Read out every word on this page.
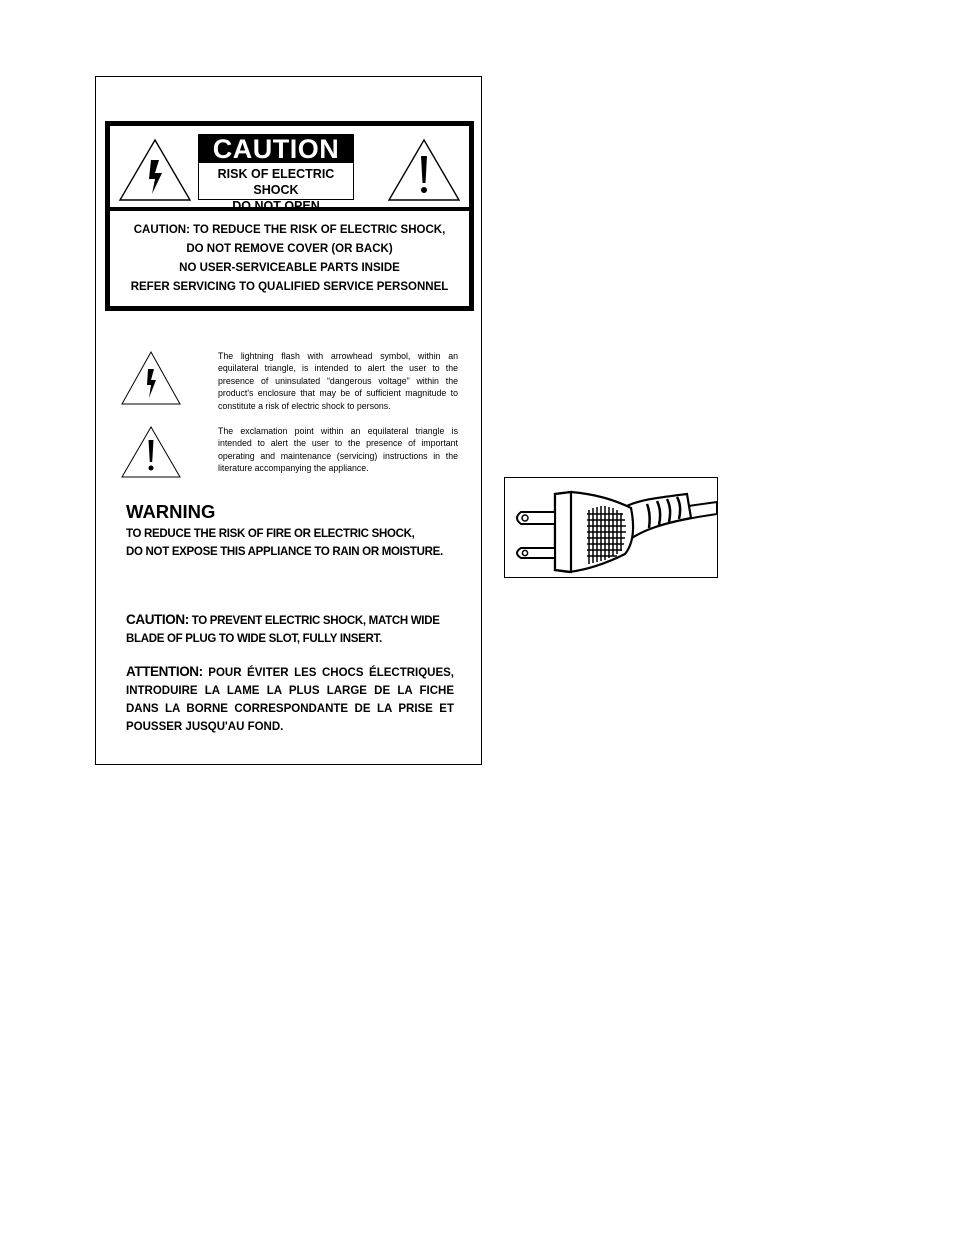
CAUTION
RISK OF ELECTRIC SHOCK
DO NOT OPEN
CAUTION: TO REDUCE THE RISK OF ELECTRIC SHOCK,
DO NOT REMOVE COVER (OR BACK)
NO USER-SERVICEABLE PARTS INSIDE
REFER SERVICING TO QUALIFIED SERVICE PERSONNEL
The lightning flash with arrowhead symbol, within an equilateral triangle, is intended to alert the user to the presence of uninsulated “dangerous voltage” within the product's enclosure that may be of sufficient magnitude to constitute a risk of electric shock to persons.
The exclamation point within an equilateral triangle is intended to alert the user to the presence of important operating and maintenance (servicing) instructions in the literature accompanying the appliance.
WARNING
TO REDUCE THE RISK OF FIRE OR ELECTRIC SHOCK,
DO NOT EXPOSE THIS APPLIANCE TO RAIN OR MOISTURE.
CAUTION: TO PREVENT ELECTRIC SHOCK, MATCH WIDE BLADE OF PLUG TO WIDE SLOT, FULLY INSERT.
ATTENTION: POUR ÉVITER LES CHOCS ÉLECTRIQUES, INTRODUIRE LA LAME LA PLUS LARGE DE LA FICHE DANS LA BORNE CORRESPONDANTE DE LA PRISE ET POUSSER JUSQU'AU FOND.
